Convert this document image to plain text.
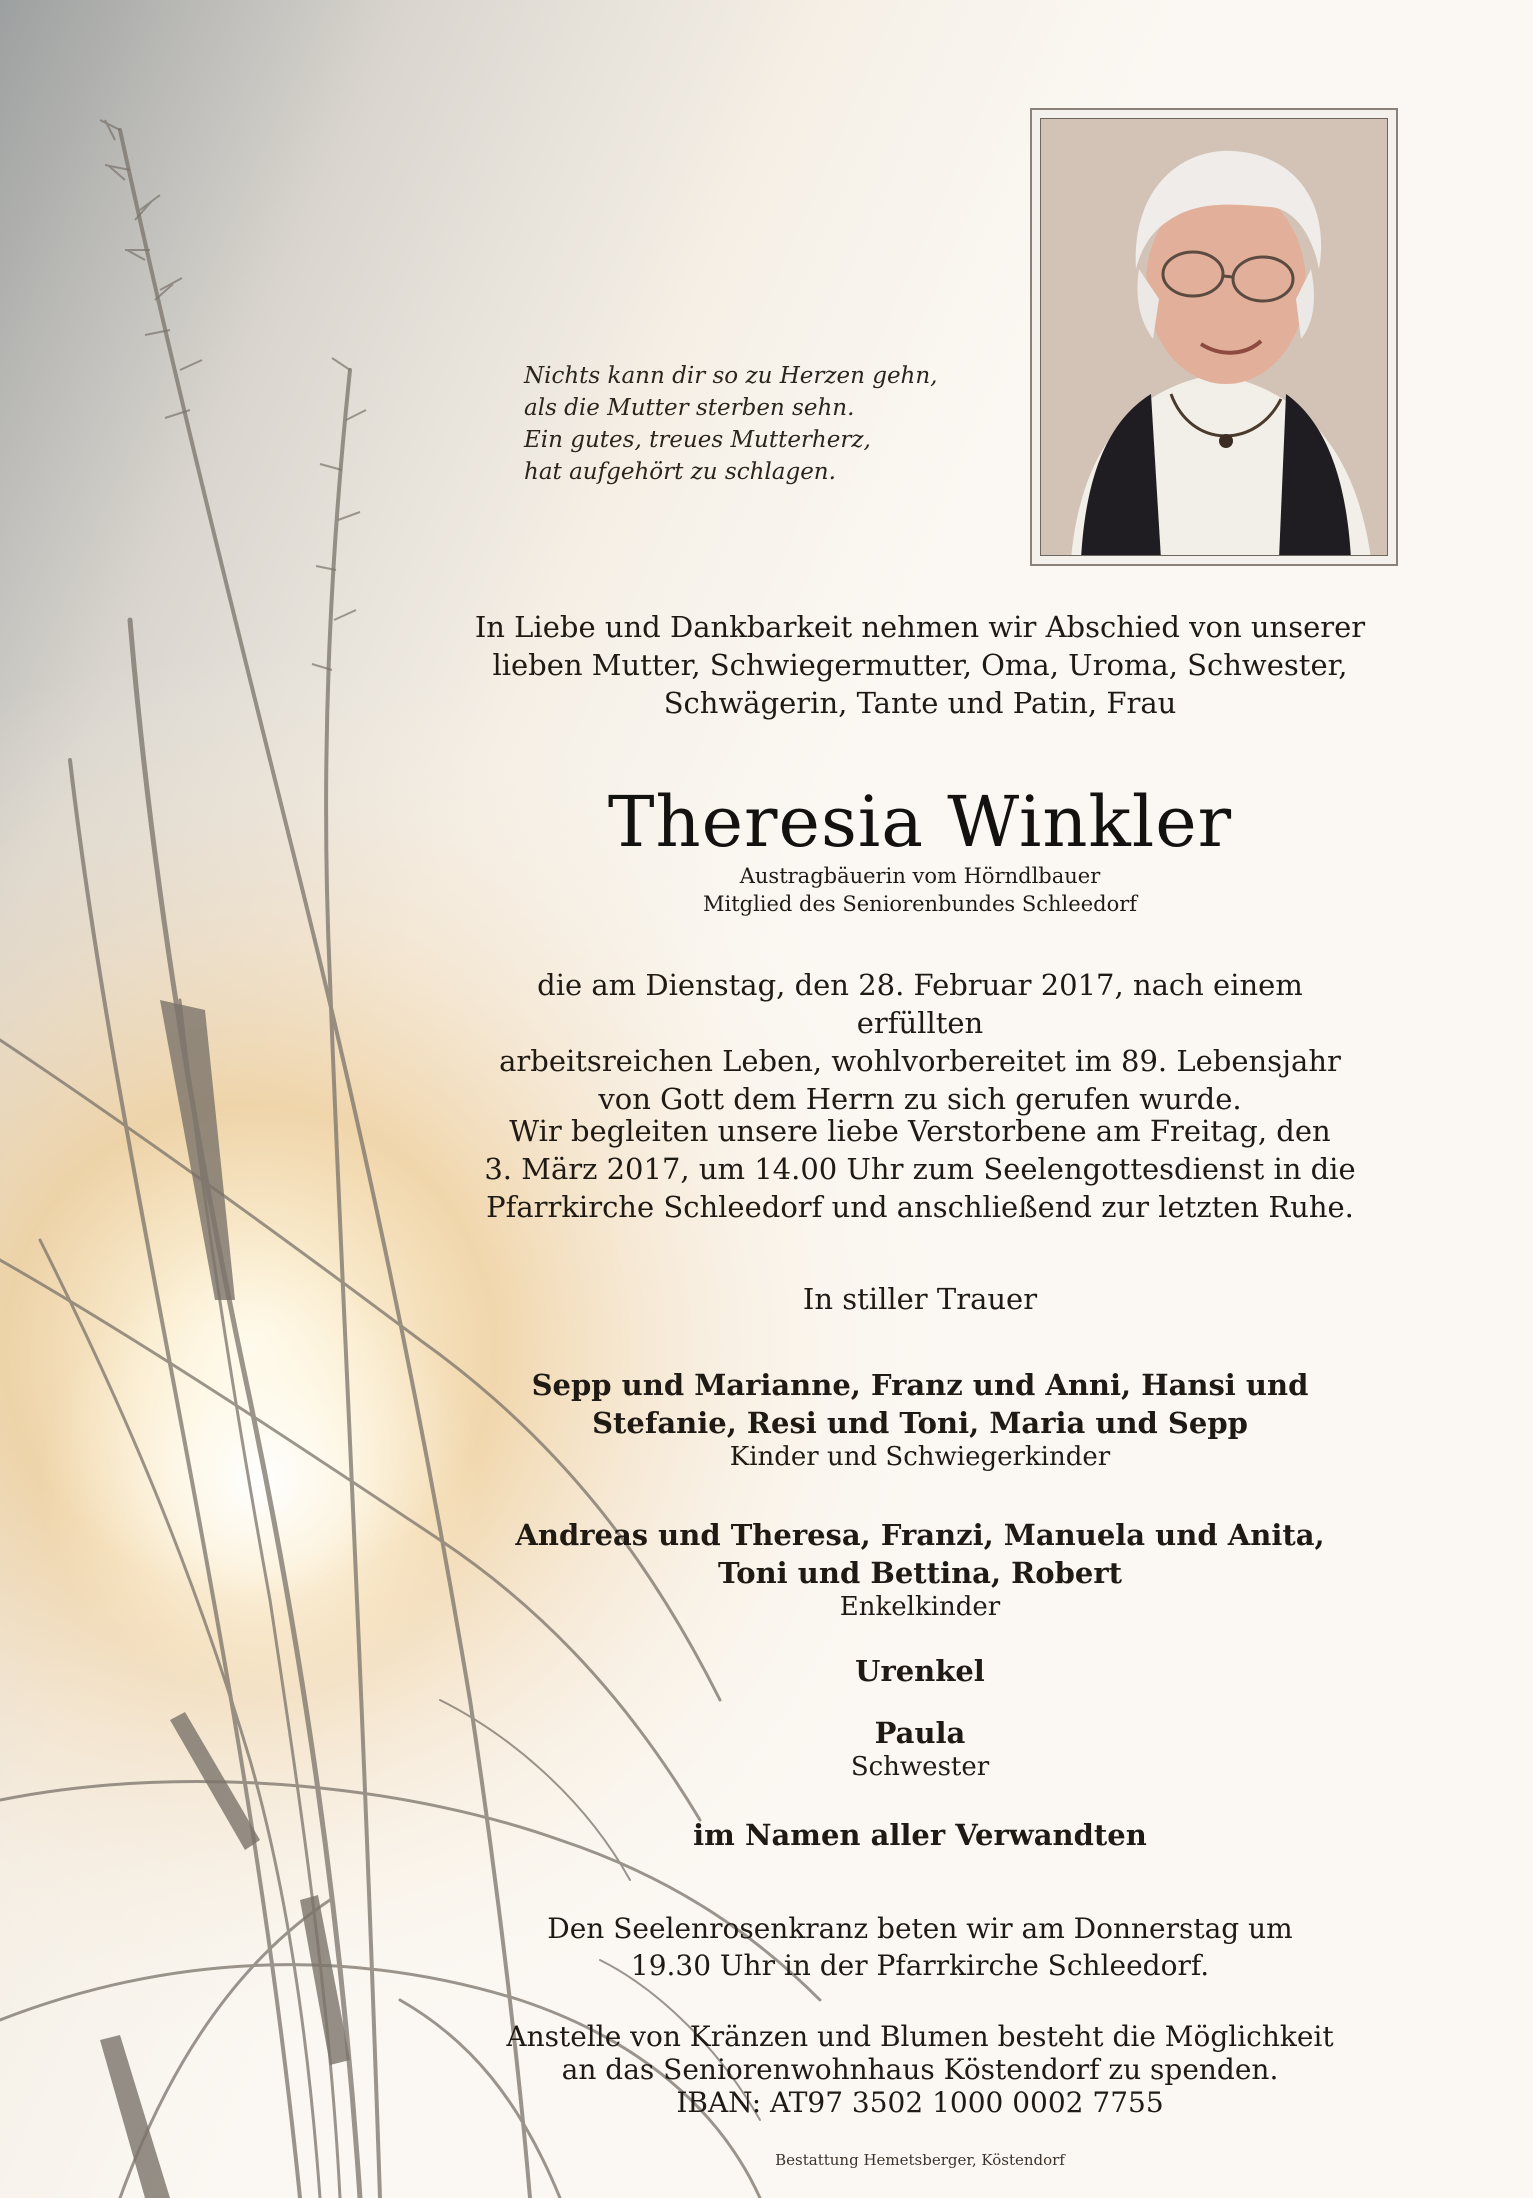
Nichts kann dir so zu Herzen gehn,
als die Mutter sterben sehn.
Ein gutes, treues Mutterherz,
hat aufgehört zu schlagen.
In Liebe und Dankbarkeit nehmen wir Abschied von unserer
lieben Mutter, Schwiegermutter, Oma, Uroma, Schwester,
Schwägerin, Tante und Patin, Frau
Theresia Winkler
Austragbäuerin vom Hörndlbauer
Mitglied des Seniorenbundes Schleedorf
die am Dienstag, den 28. Februar 2017, nach einem erfüllten
arbeitsreichen Leben, wohlvorbereitet im 89. Lebensjahr
von Gott dem Herrn zu sich gerufen wurde.
Wir begleiten unsere liebe Verstorbene am Freitag, den
3. März 2017, um 14.00 Uhr zum Seelengottesdienst in die
Pfarrkirche Schleedorf und anschließend zur letzten Ruhe.
In stiller Trauer
Sepp und Marianne, Franz und Anni, Hansi und
Stefanie, Resi und Toni, Maria und Sepp
Kinder und Schwiegerkinder
Andreas und Theresa, Franzi, Manuela und Anita,
Toni und Bettina, Robert
Enkelkinder
Urenkel
Paula
Schwester
im Namen aller Verwandten
Den Seelenrosenkranz beten wir am Donnerstag um
19.30 Uhr in der Pfarrkirche Schleedorf.
Anstelle von Kränzen und Blumen besteht die Möglichkeit
an das Seniorenwohnhaus Köstendorf zu spenden.
IBAN: AT97 3502 1000 0002 7755
Bestattung Hemetsberger, Köstendorf
